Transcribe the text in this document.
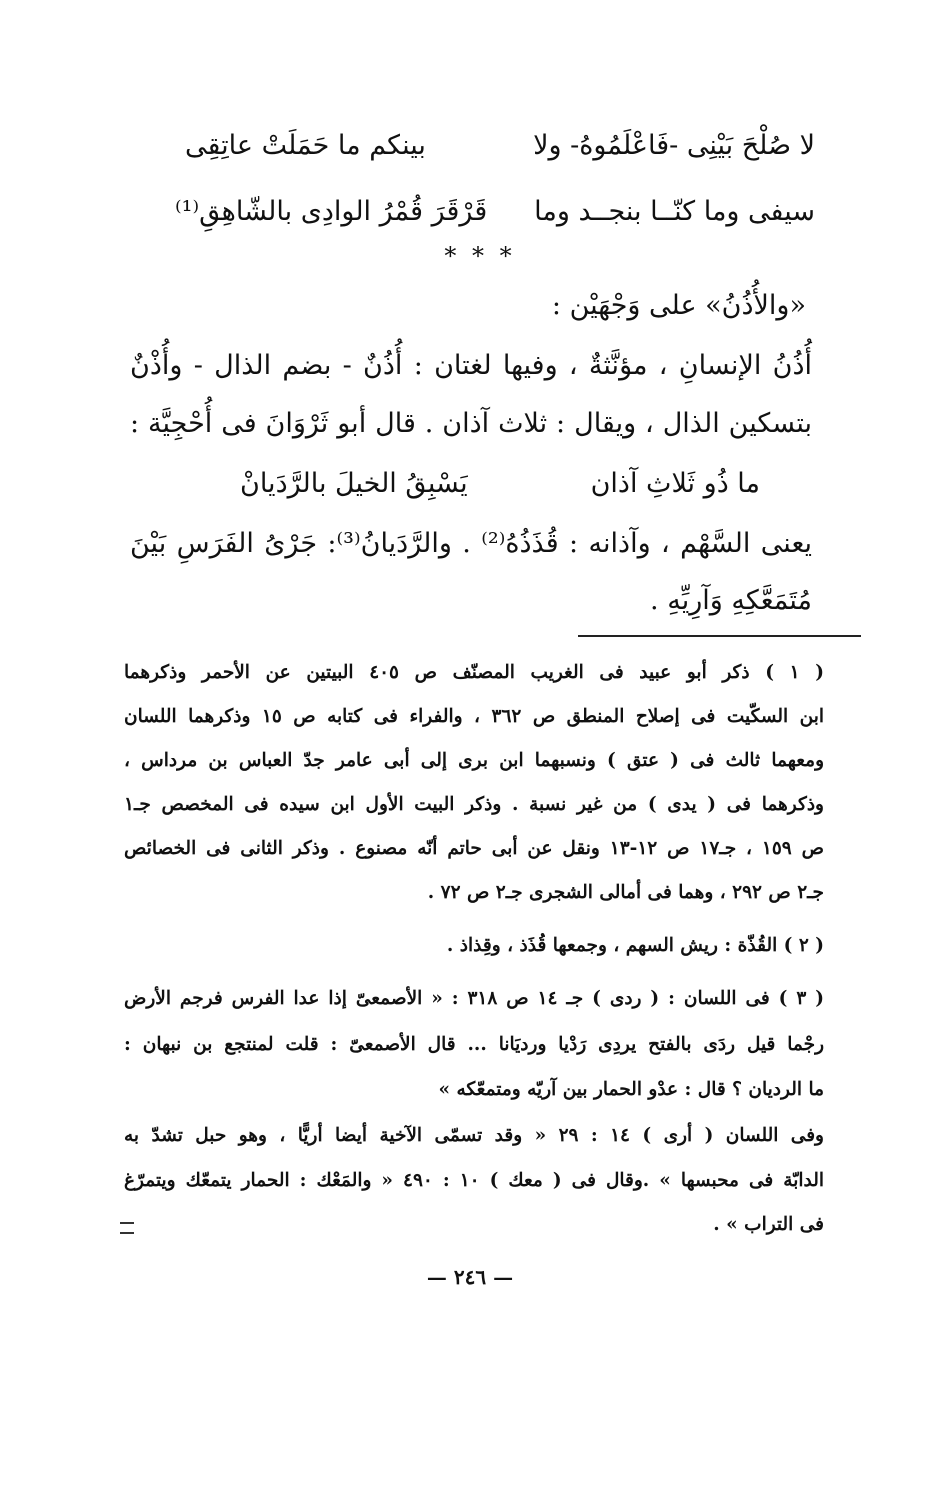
لا صُلْحَ بَيْنِى -فَاعْلَمُوهُ- ولا
بينكم ما حَمَلَتْ عاتِقِى
سيفى وما كنّــا بنجــد وما
قَرْقَرَ قُمْرُ الوادِى بالشّاهِقِ⁽¹⁾
* * *
«والأُذُنُ» على وَجْهَيْن :
أُذُنُ الإنسانِ ، مؤنَّثةٌ ، وفيها لغتان : أُذُنٌ - بضم الذال - وأُذْنٌ
بتسكين الذال ، ويقال : ثلاث آذان . قال أبو ثَرْوَانَ فى أُحْجِيَّة :
ما ذُو ثَلاثِ آذان
يَسْبِقُ الخيلَ بالرَّدَيانْ
يعنى السَّهْم ، وآذانه : قُذَذُهُ⁽²⁾ . والرَّدَيانُ⁽³⁾: جَرْىُ الفَرَسِ بَيْنَ
مُتَمَعَّكِهِ وَآرِيِّهِ .
( ١ ) ذكر أبو عبيد فى الغريب المصنّف ص ٤٠٥ البيتين عن الأحمر وذكرهما
ابن السكّيت فى إصلاح المنطق ص ٣٦٢ ، والفراء فى كتابه ص ١٥ وذكرهما اللسان
ومعهما ثالث فى ( عتق ) ونسبهما ابن برى إلى أبى عامر جدّ العباس بن مرداس ،
وذكرهما فى ( يدى ) من غير نسبة . وذكر البيت الأول ابن سيده فى المخصص جـ١
ص ١٥٩ ، جـ١٧ ص ١٢-١٣ ونقل عن أبى حاتم أنّه مصنوع . وذكر الثانى فى الخصائص
جـ٢ ص ٢٩٢ ، وهما فى أمالى الشجرى جـ٢ ص ٧٢ .
( ٢ ) القُذّة : ريش السهم ، وجمعها قُذَذ ، وقِذاذ .
( ٣ ) فى اللسان : ( ردى ) جـ ١٤ ص ٣١٨ : « الأصمعىّ إذا عدا الفرس فرجم الأرض
رجْما قيل ردَى بالفتح يردِى رَدْيا ورديَانا ... قال الأصمعىّ : قلت لمنتجع بن نبهان :
ما الرديان ؟ قال : عدْو الحمار بين آريّه ومتمعّكه »
وفى اللسان ( أرى ) ١٤ : ٢٩ « وقد تسمّى الآخية أيضا أريًّا ، وهو حبل تشدّ به
الدابّة فى محبسها » .وقال فى ( معك ) ١٠ : ٤٩٠ « والمَعْك : الحمار يتمعّك ويتمرّغ
فى التراب » .
— ٢٤٦ —
